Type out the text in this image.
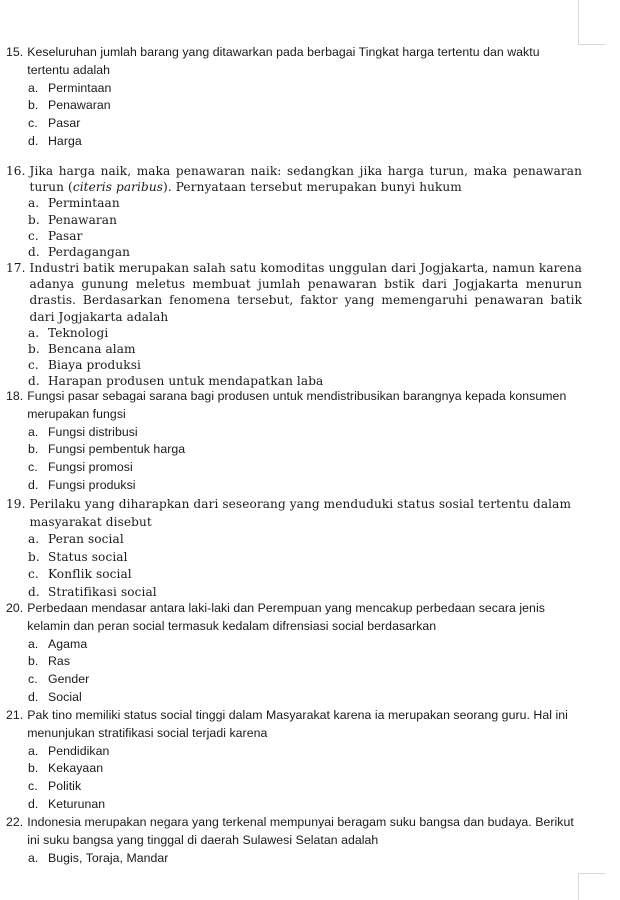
15. Keseluruhan jumlah barang yang ditawarkan pada berbagai Tingkat harga tertentu dan waktu tertentu adalah
a. Permintaan
b. Penawaran
c. Pasar
d. Harga
16. Jika harga naik, maka penawaran naik: sedangkan jika harga turun, maka penawaran turun (citeris paribus). Pernyataan tersebut merupakan bunyi hukum
a. Permintaan
b. Penawaran
c. Pasar
d. Perdagangan
17. Industri batik merupakan salah satu komoditas unggulan dari Jogjakarta, namun karena adanya gunung meletus membuat jumlah penawaran bstik dari Jogjakarta menurun drastis. Berdasarkan fenomena tersebut, faktor yang memengaruhi penawaran batik dari Jogjakarta adalah
a. Teknologi
b. Bencana alam
c. Biaya produksi
d. Harapan produsen untuk mendapatkan laba
18. Fungsi pasar sebagai sarana bagi produsen untuk mendistribusikan barangnya kepada konsumen merupakan fungsi
a. Fungsi distribusi
b. Fungsi pembentuk harga
c. Fungsi promosi
d. Fungsi produksi
19. Perilaku yang diharapkan dari seseorang yang menduduki status sosial tertentu dalam masyarakat disebut
a. Peran social
b. Status social
c. Konflik social
d. Stratifikasi social
20. Perbedaan mendasar antara laki-laki dan Perempuan yang mencakup perbedaan secara jenis kelamin dan peran social termasuk kedalam difrensiasi social berdasarkan
a. Agama
b. Ras
c. Gender
d. Social
21. Pak tino memiliki status social tinggi dalam Masyarakat karena ia merupakan seorang guru. Hal ini menunjukan stratifikasi social terjadi karena
a. Pendidikan
b. Kekayaan
c. Politik
d. Keturunan
22. Indonesia merupakan negara yang terkenal mempunyai beragam suku bangsa dan budaya. Berikut ini suku bangsa yang tinggal di daerah Sulawesi Selatan adalah
a. Bugis, Toraja, Mandar
